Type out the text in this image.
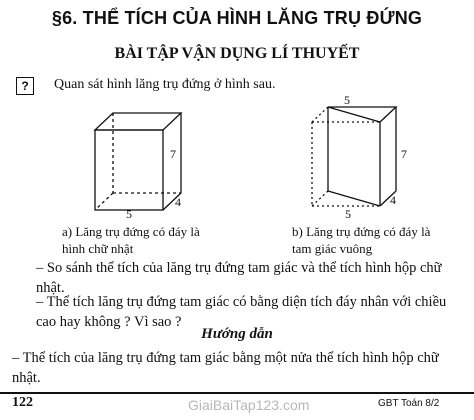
§6. THỂ TÍCH CỦA HÌNH LĂNG TRỤ ĐỨNG
BÀI TẬP VẬN DỤNG LÍ THUYẾT
?	Quan sát hình lăng trụ đứng ở hình sau.
7
4
5
5
7
4
5
a) Lăng trụ đứng có đáy là hình chữ nhật
b) Lăng trụ đứng có đáy là tam giác vuông
– So sánh thể tích của lăng trụ đứng tam giác và thể tích hình hộp chữ nhật.
– Thể tích lăng trụ đứng tam giác có bằng diện tích đáy nhân với chiều cao hay không ? Vì sao ?
Hướng dẫn
– Thể tích của lăng trụ đứng tam giác bằng một nửa thể tích hình hộp chữ nhật.
122	GiaiBaiTap123.com	GBT Toán 8/2
